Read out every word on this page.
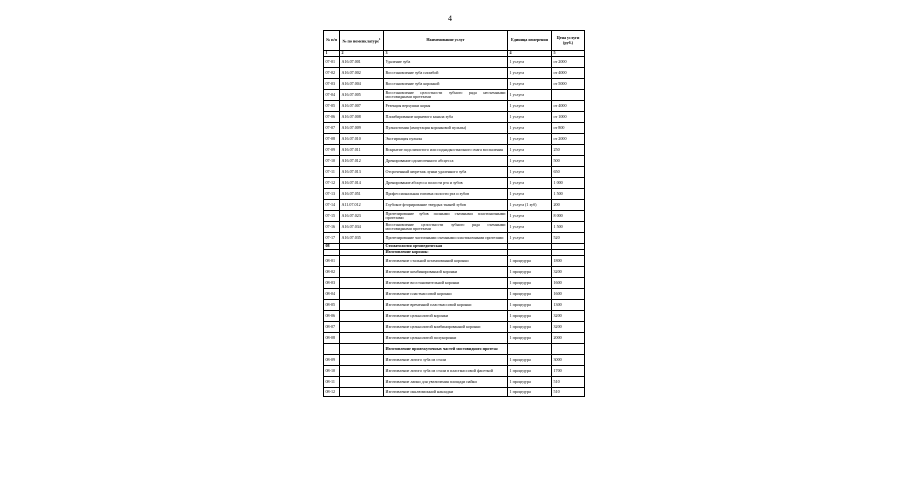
4
№ п/п	№ по номенклатуре$^1$	Наименование услуг	Единица измерения	Цена услуги (руб.)
1	2	3	4	5
07-01	А16.07.001	Удаление зуба	1 услуга	от 2000
07-02	А16.07.002	Восстановление зуба пломбой	1 услуга	от 4000
07-03	А16.07.004	Восстановление зуба коронкой	1 услуга	от 5000
07-04	А16.07.005	Восстановление целостности зубного ряда несъемными мостовидными протезами	1 услуга	
07-05	А16.07.007	Резекция верхушки корня	1 услуга	от 4000
07-06	А16.07.008	Пломбирование корневого канала зуба	1 услуга	от 1000
07-07	А16.07.009	Пульпотомия (ампутация коронковой пульпы)	1 услуга	от 800
07-08	А16.07.010	Экстирпация пульпы	1 услуга	от 2000
07-09	А16.07.011	Вскрытие подслизистого или поднадкостничного очага воспаления	1 услуга	250
07-10	А16.07.012	Дренирование одонтогенного абсцесса	1 услуга	500
07-11	А16.07.013	Отсроченный кюретаж лунки удаленного зуба	1 услуга	650
07-12	А16.07.014	Дренирование абсцесса полости рта и зубов	1 услуга	1 000
07-13	А16.07.051	Профессиональная гигиена полости рта и зубов	1 услуга	1 500
07-14	А11.07.012	Глубокое фторирование твердых тканей зубов	1 услуга (1 зуб)	200
07-15	А16.07.023	Протезирование зубов полными съемными пластиночными протезами	1 услуга	8 000
07-16	А16.07.034	Восстановление целостности зубного ряда съемными мостовидными протезами	1 услуга	1 500
07-17	А16.07.035	Протезирование частичными съемными пластиночными протезами	1 услуга	520
08		Стоматология ортопедическая		
		Изготовление коронок:		
08-01		Изготовление стальной штампованной коронки	1 процедура	1800
08-02		Изготовление комбинированной коронки	1 процедура	3200
08-03		Изготовление восстановительной коронки	1 процедура	1600
08-04		Изготовление пластмассовой коронки	1 процедура	1600
08-05		Изготовление временной пластмассовой коронки	1 процедура	1300
08-06		Изготовление цельнолитой коронки	1 процедура	3200
08-07		Изготовление цельнолитой комбинированной коронки	1 процедура	3200
08-08		Изготовление цельнолитой полукоронки	1 процедура	2000
		Изготовление промежуточных частей мостовидного протеза:		
08-09		Изготовление литого зуба из стали	1 процедура	3000
08-10		Изготовление литого зуба из стали в пластмассовой фасеткой	1 процедура	1700
08-11		Изготовление лапки для увеличения площади пайки	1 процедура	510
08-12		Изготовление окклюзионной накладки	1 процедура	510
